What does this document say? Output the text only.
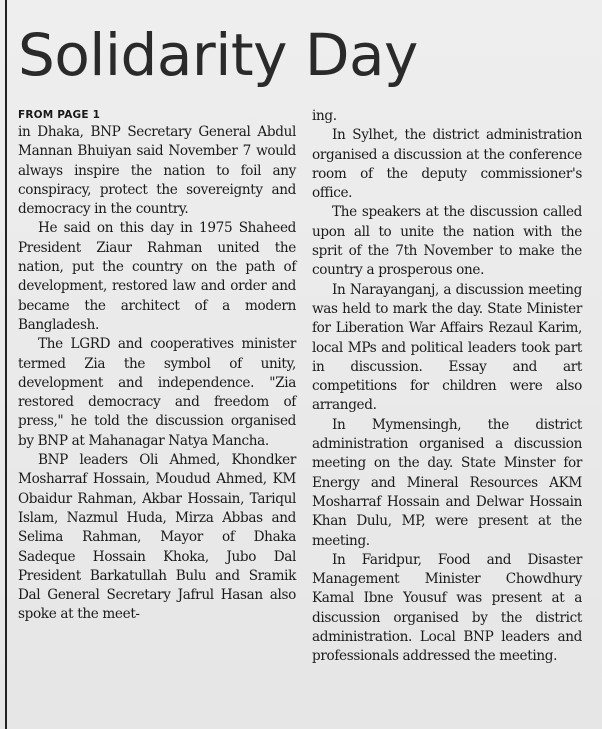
Solidarity Day
FROM PAGE 1

in Dhaka, BNP Secretary General Abdul Mannan Bhuiyan said November 7 would always inspire the nation to foil any conspiracy, protect the sovereignty and democracy in the country.

He said on this day in 1975 Shaheed President Ziaur Rahman united the nation, put the country on the path of development, restored law and order and became the architect of a modern Bangladesh.

The LGRD and cooperatives minister termed Zia the symbol of unity, development and independence. "Zia restored democracy and freedom of press," he told the discussion organised by BNP at Mahanagar Natya Mancha.

BNP leaders Oli Ahmed, Khondker Mosharraf Hossain, Moudud Ahmed, KM Obaidur Rahman, Akbar Hossain, Tariqul Islam, Nazmul Huda, Mirza Abbas and Selima Rahman, Mayor of Dhaka Sadeque Hossain Khoka, Jubo Dal President Barkatullah Bulu and Sramik Dal General Secretary Jafrul Hasan also spoke at the meet-

ing.

In Sylhet, the district administration organised a discussion at the conference room of the deputy commissioner's office.

The speakers at the discussion called upon all to unite the nation with the sprit of the 7th November to make the country a prosperous one.

In Narayanganj, a discussion meeting was held to mark the day. State Minister for Liberation War Affairs Rezaul Karim, local MPs and political leaders took part in discussion. Essay and art competitions for children were also arranged.

In Mymensingh, the district administration organised a discussion meeting on the day. State Minster for Energy and Mineral Resources AKM Mosharraf Hossain and Delwar Hossain Khan Dulu, MP, were present at the meeting.

In Faridpur, Food and Disaster Management Minister Chowdhury Kamal Ibne Yousuf was present at a discussion organised by the district administration. Local BNP leaders and professionals addressed the meeting.
